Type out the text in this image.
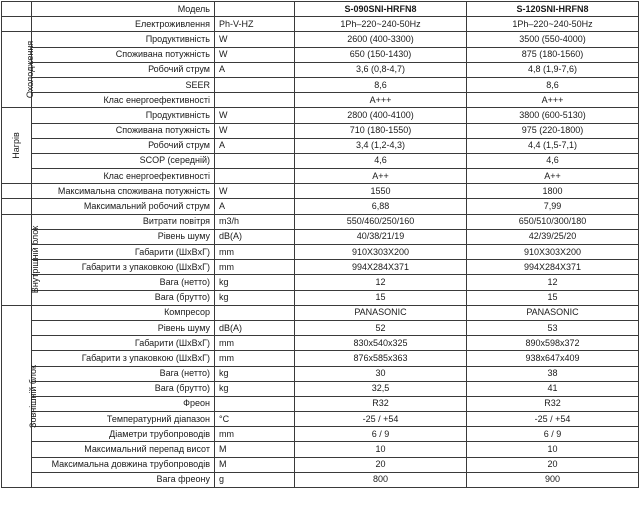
	Модель		S-090SNI-HRFN8	S-120SNI-HRFN8
	Електроживлення	Ph-V-HZ	1Ph–220~240-50Hz	1Ph–220~240-50Hz
Охолодження	Продуктивність	W	2600 (400-3300)	3500 (550-4000)
	Споживана потужність	W	650 (150-1430)	875 (180-1560)
	Робочий струм	A	3,6 (0,8-4,7)	4,8 (1,9-7,6)
	SEER		8,6	8,6
	Клас енергоефективності		A+++	A+++
Нагрів	Продуктивність	W	2800 (400-4100)	3800 (600-5130)
	Споживана потужність	W	710 (180-1550)	975 (220-1800)
	Робочий струм	A	3,4 (1,2-4,3)	4,4 (1,5-7,1)
	SCOP (середній)		4,6	4,6
	Клас енергоефективності		A++	A++
	Максимальна споживана потужність	W	1550	1800
	Максимальний робочий струм	A	6,88	7,99
Внутрішній блок	Витрати повітря	m3/h	550/460/250/160	650/510/300/180
	Рівень шуму	dB(A)	40/38/21/19	42/39/25/20
	Габарити (ШxВxГ)	mm	910X303X200	910X303X200
	Габарити з упаковкою (ШxВxГ)	mm	994X284X371	994X284X371
	Вага (нетто)	kg	12	12
	Вага (брутто)	kg	15	15
Зовнішній блок	Компресор		PANASONIC	PANASONIC
	Рівень шуму	dB(A)	52	53
	Габарити (ШxВxГ)	mm	830x540x325	890x598x372
	Габарити з упаковкою (ШxВxГ)	mm	876x585x363	938x647x409
	Вага (нетто)	kg	30	38
	Вага (брутто)	kg	32,5	41
	Фреон		R32	R32
	Температурний діапазон	°C	-25 / +54	-25 / +54
	Діаметри трубопроводів	mm	6 / 9	6 / 9
	Максимальний перепад висот	M	10	10
	Максимальна довжина трубопроводів	M	20	20
	Вага фреону	g	800	900
